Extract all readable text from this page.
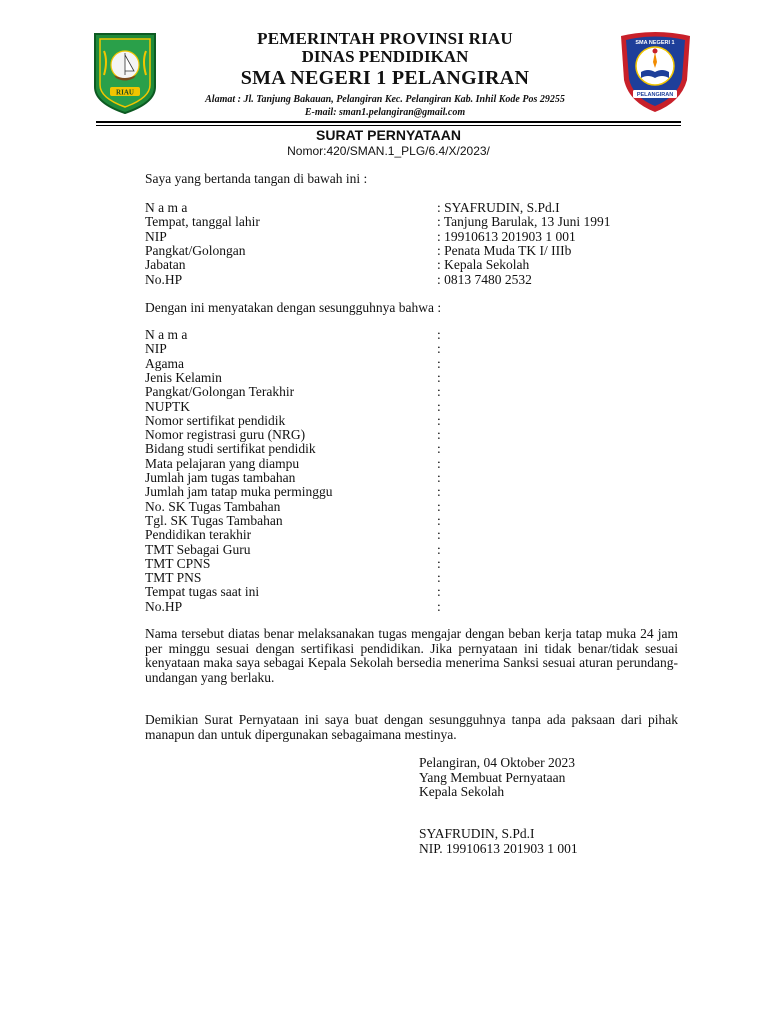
RIAU
SMA NEGERI 1
PELANGIRAN
PEMERINTAH PROVINSI RIAU
DINAS PENDIDIKAN
SMA NEGERI 1 PELANGIRAN
Alamat : Jl. Tanjung Bakauan, Pelangiran Kec. Pelangiran Kab. Inhil Kode Pos 29255
E-mail: sman1.pelangiran@gmail.com
SURAT PERNYATAAN
Nomor:420/SMAN.1_PLG/6.4/X/2023/
Saya yang bertanda tangan di bawah ini :
N a m a	: SYAFRUDIN, S.Pd.I
Tempat, tanggal lahir	: Tanjung Barulak, 13 Juni 1991
NIP	: 19910613 201903 1 001
Pangkat/Golongan	: Penata Muda TK I/ IIIb
Jabatan	: Kepala Sekolah
No.HP	: 0813 7480 2532
Dengan ini menyatakan dengan sesungguhnya bahwa :
N a m a	:
NIP	:
Agama	:
Jenis Kelamin	:
Pangkat/Golongan Terakhir	:
NUPTK	:
Nomor sertifikat pendidik	:
Nomor registrasi guru (NRG)	:
Bidang studi sertifikat pendidik	:
Mata pelajaran yang diampu	:
Jumlah jam tugas tambahan	:
Jumlah jam tatap muka perminggu	:
No. SK Tugas Tambahan	:
Tgl. SK Tugas Tambahan	:
Pendidikan terakhir	:
TMT Sebagai Guru	:
TMT CPNS	:
TMT PNS	:
Tempat tugas saat ini	:
No.HP	:
Nama tersebut diatas benar melaksanakan tugas mengajar dengan beban kerja tatap muka 24 jam per minggu sesuai dengan sertifikasi pendidikan. Jika pernyataan ini tidak benar/tidak sesuai kenyataan maka saya sebagai Kepala Sekolah bersedia menerima Sanksi sesuai aturan perundang-undangan yang berlaku.
Demikian Surat Pernyataan ini saya buat dengan sesungguhnya tanpa ada paksaan dari pihak manapun dan untuk dipergunakan sebagaimana mestinya.
Pelangiran, 04 Oktober 2023
Yang Membuat Pernyataan
Kepala Sekolah
SYAFRUDIN, S.Pd.I
NIP. 19910613 201903 1 001
